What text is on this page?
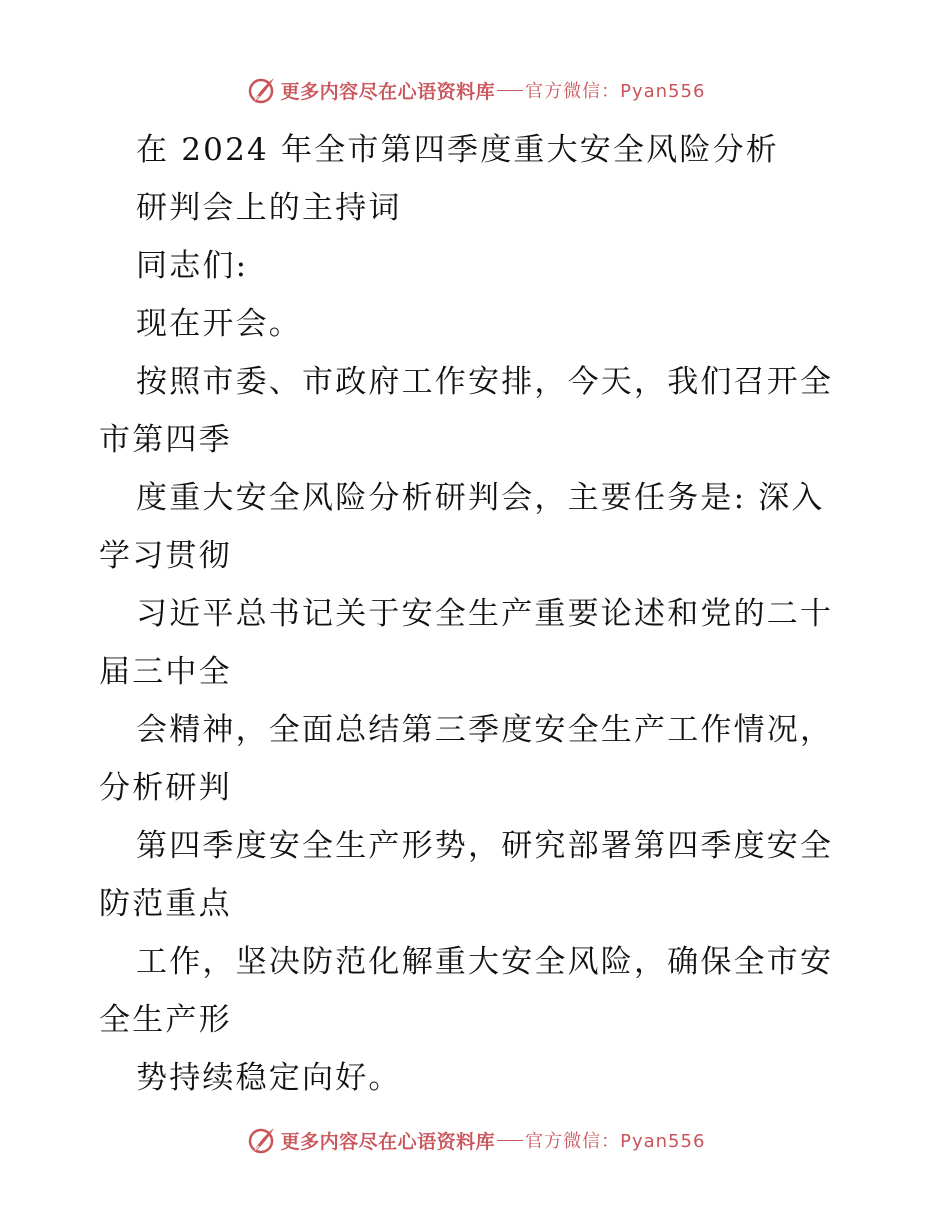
更多内容尽在心语资料库 官方微信：Pyan556
在 2024 年全市第四季度重大安全风险分析
研判会上的主持词
同志们:
现在开会。
按照市委、市政府工作安排，今天，我们召开全
市第四季
度重大安全风险分析研判会，主要任务是: 深入
学习贯彻
习近平总书记关于安全生产重要论述和党的二十
届三中全
会精神，全面总结第三季度安全生产工作情况，
分析研判
第四季度安全生产形势，研究部署第四季度安全
防范重点
工作，坚决防范化解重大安全风险，确保全市安
全生产形
势持续稳定向好。
更多内容尽在心语资料库 官方微信：Pyan556
